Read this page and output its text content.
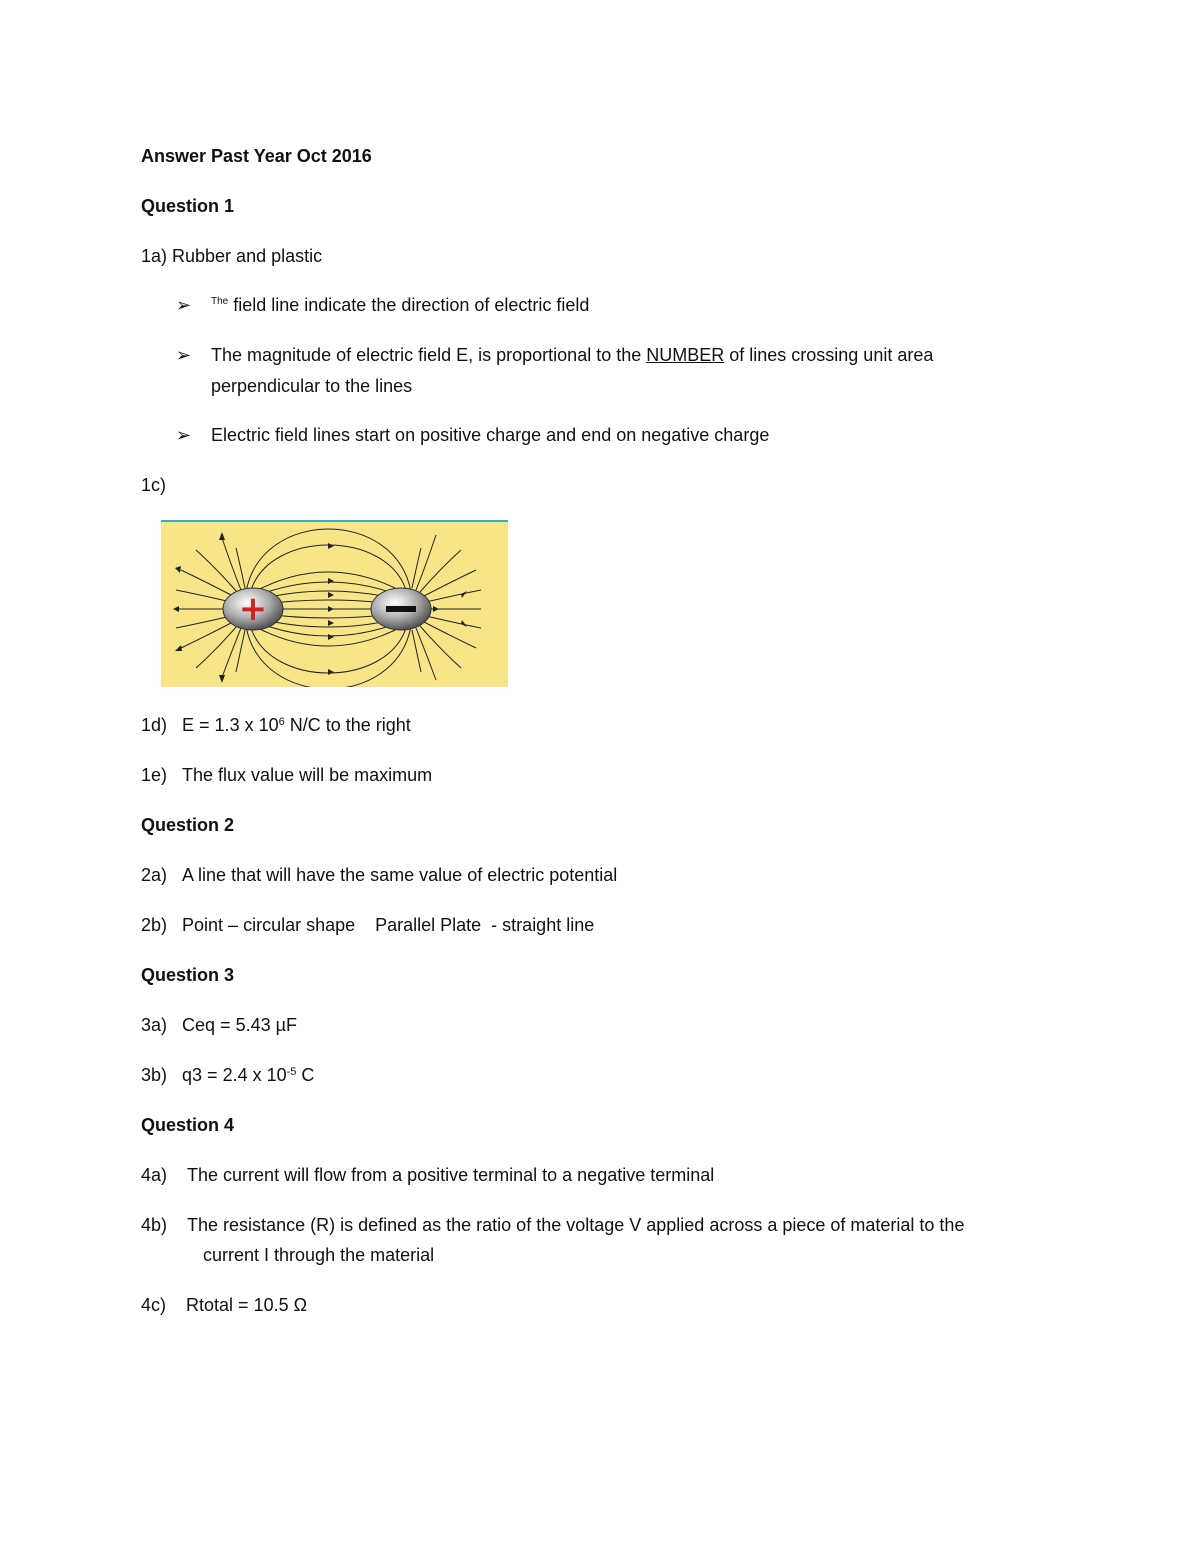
Answer Past Year Oct 2016
Question 1
1a) Rubber and plastic
➢ $^{The}$ field line indicate the direction of electric field
➢ The magnitude of electric field E, is proportional to the NUMBER of lines crossing unit area
perpendicular to the lines
➢ Electric field lines start on positive charge and end on negative charge
1c)
+
1d) E = 1.3 x $10^6$ N/C to the right
1e) The flux value will be maximum
Question 2
2a) A line that will have the same value of electric potential
2b) Point – circular shape    Parallel Plate  - straight line
Question 3
3a) Ceq = 5.43 µF
3b) q3 = 2.4 x $10^{-5}$ C
Question 4
4a) The current will flow from a positive terminal to a negative terminal
4b) The resistance (R) is defined as the ratio of the voltage V applied across a piece of material to the
current I through the material
4c) Rtotal = 10.5 Ω
